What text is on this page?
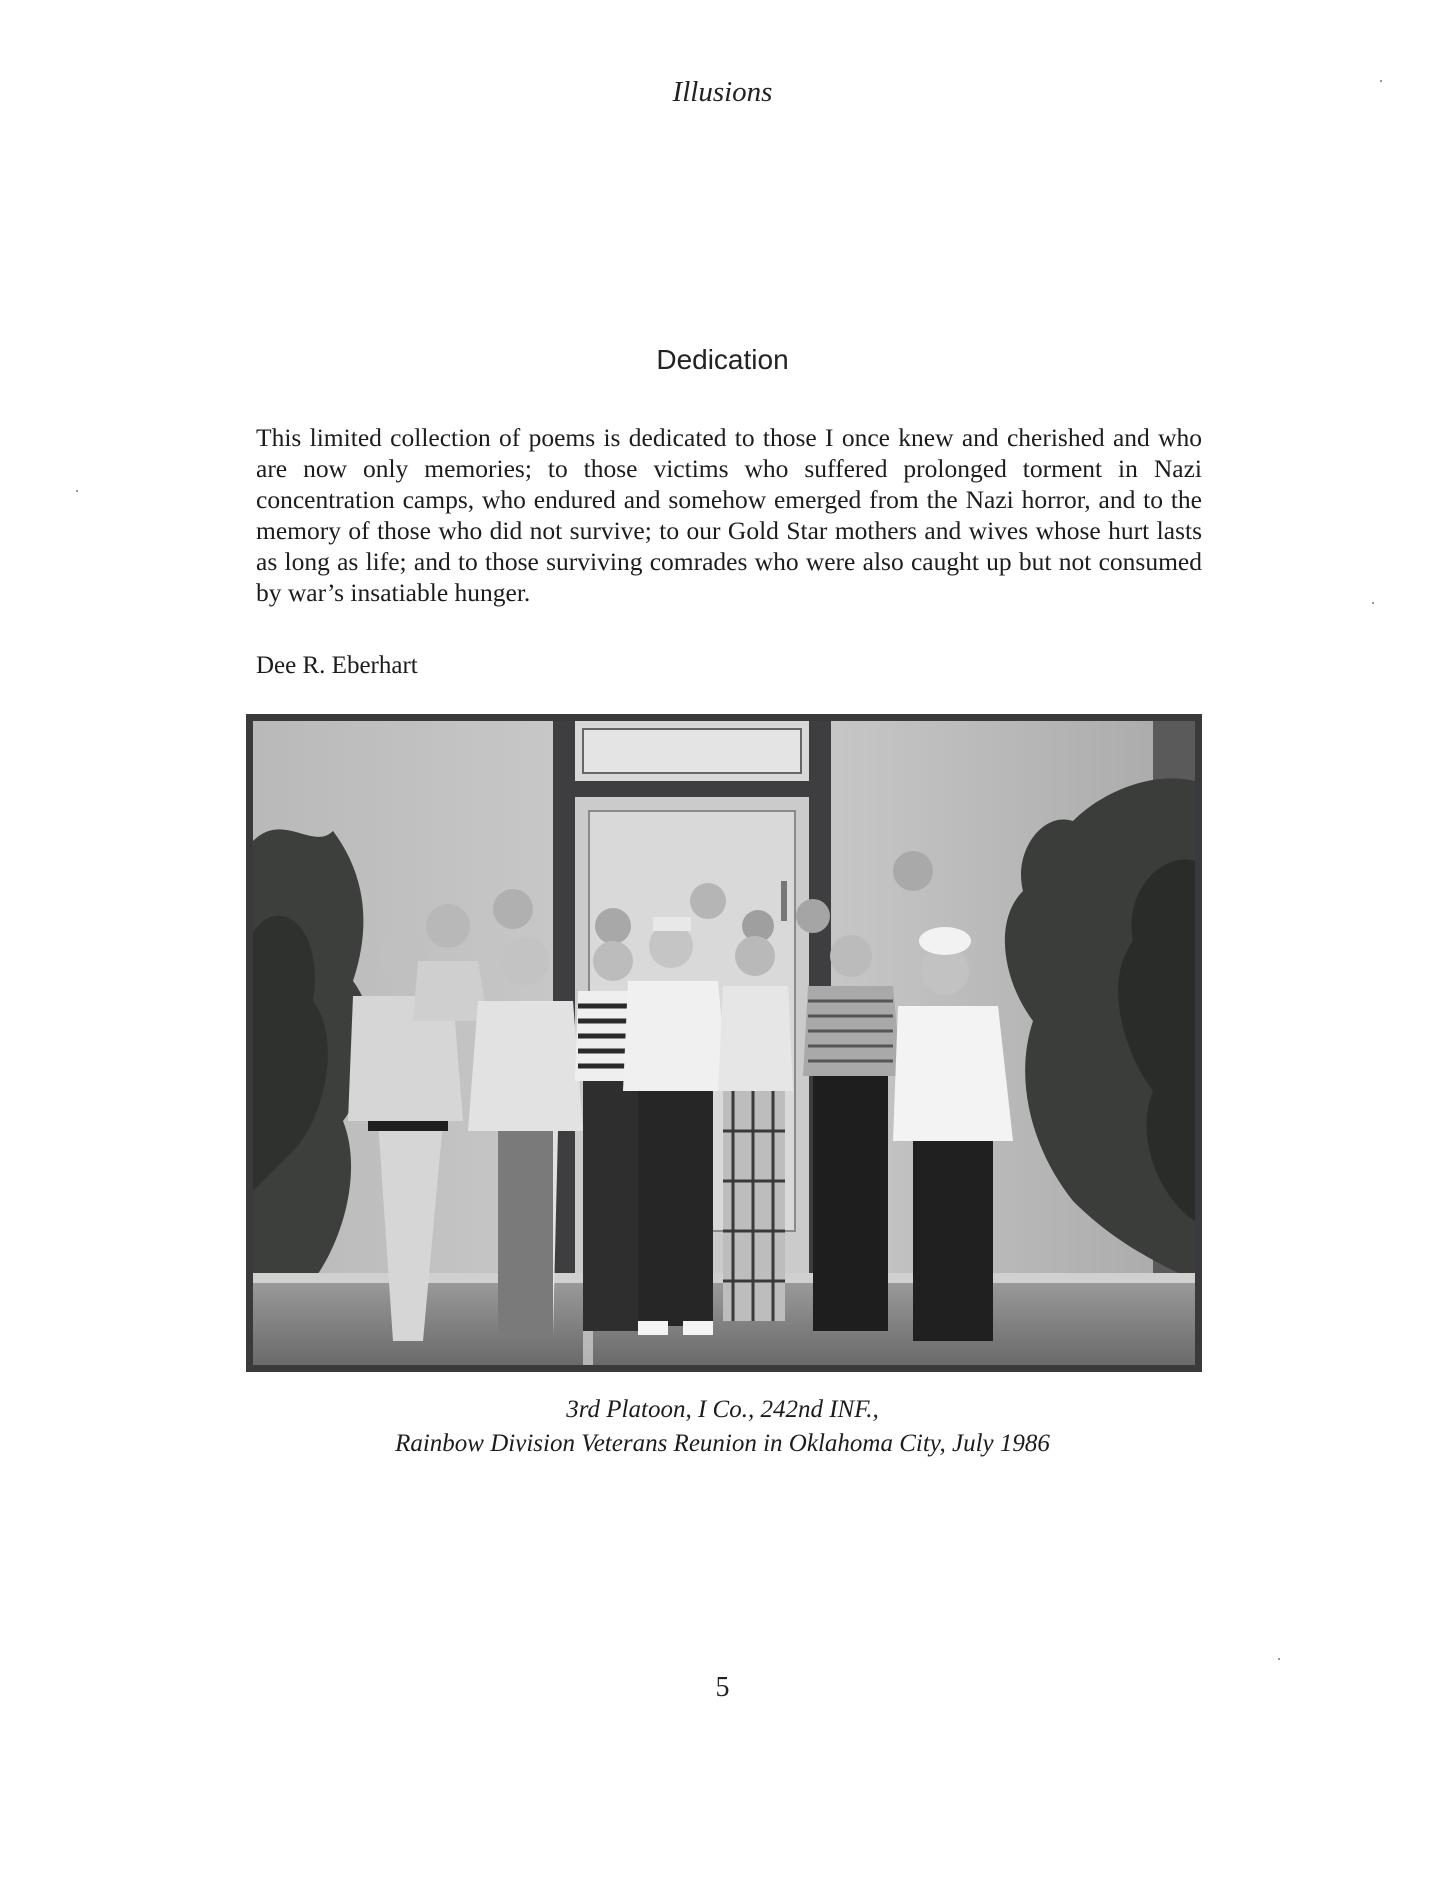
Illusions
Dedication
This limited collection of poems is dedicated to those I once knew and cherished and who are now only memories; to those victims who suffered prolonged torment in Nazi concentration camps, who endured and somehow emerged from the Nazi horror, and to the memory of those who did not survive; to our Gold Star mothers and wives whose hurt lasts as long as life; and to those surviving comrades who were also caught up but not consumed by war’s insatiable hunger.
Dee R. Eberhart
3rd Platoon, I Co., 242nd INF.,
Rainbow Division Veterans Reunion in Oklahoma City, July 1986
5
